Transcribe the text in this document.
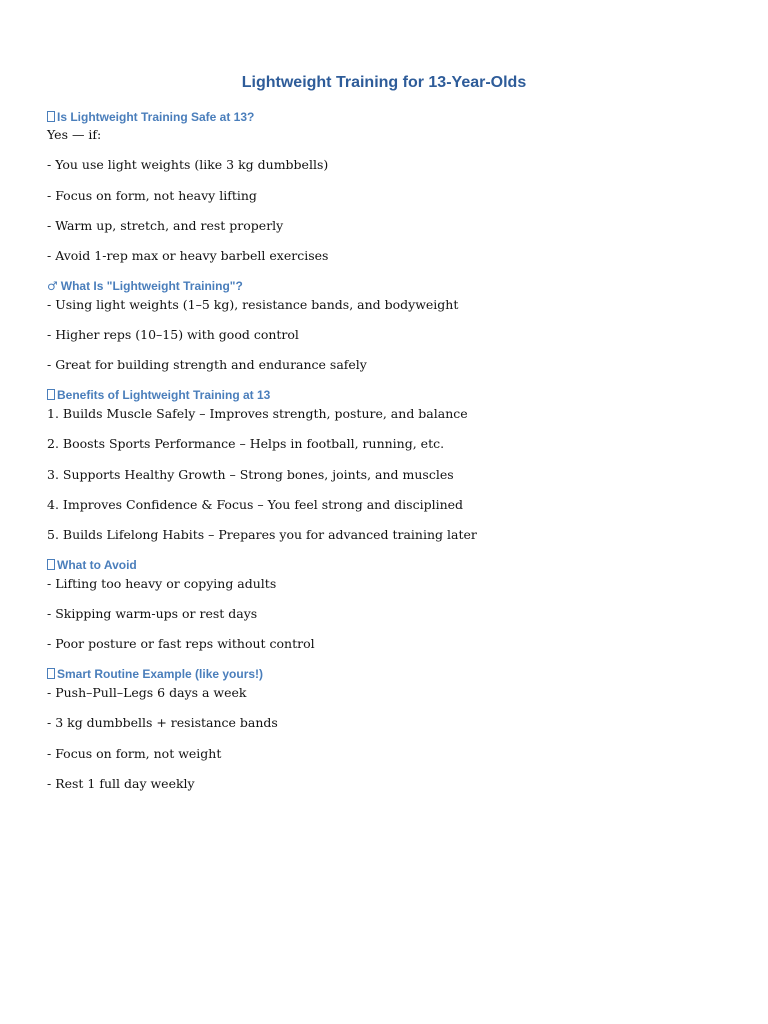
Lightweight Training for 13-Year-Olds
Is Lightweight Training Safe at 13?
Yes — if:
- You use light weights (like 3 kg dumbbells)
- Focus on form, not heavy lifting
- Warm up, stretch, and rest properly
- Avoid 1-rep max or heavy barbell exercises
♂ What Is "Lightweight Training"?
- Using light weights (1–5 kg), resistance bands, and bodyweight
- Higher reps (10–15) with good control
- Great for building strength and endurance safely
Benefits of Lightweight Training at 13
1. Builds Muscle Safely – Improves strength, posture, and balance
2. Boosts Sports Performance – Helps in football, running, etc.
3. Supports Healthy Growth – Strong bones, joints, and muscles
4. Improves Confidence & Focus – You feel strong and disciplined
5. Builds Lifelong Habits – Prepares you for advanced training later
What to Avoid
- Lifting too heavy or copying adults
- Skipping warm-ups or rest days
- Poor posture or fast reps without control
Smart Routine Example (like yours!)
- Push–Pull–Legs 6 days a week
- 3 kg dumbbells + resistance bands
- Focus on form, not weight
- Rest 1 full day weekly
